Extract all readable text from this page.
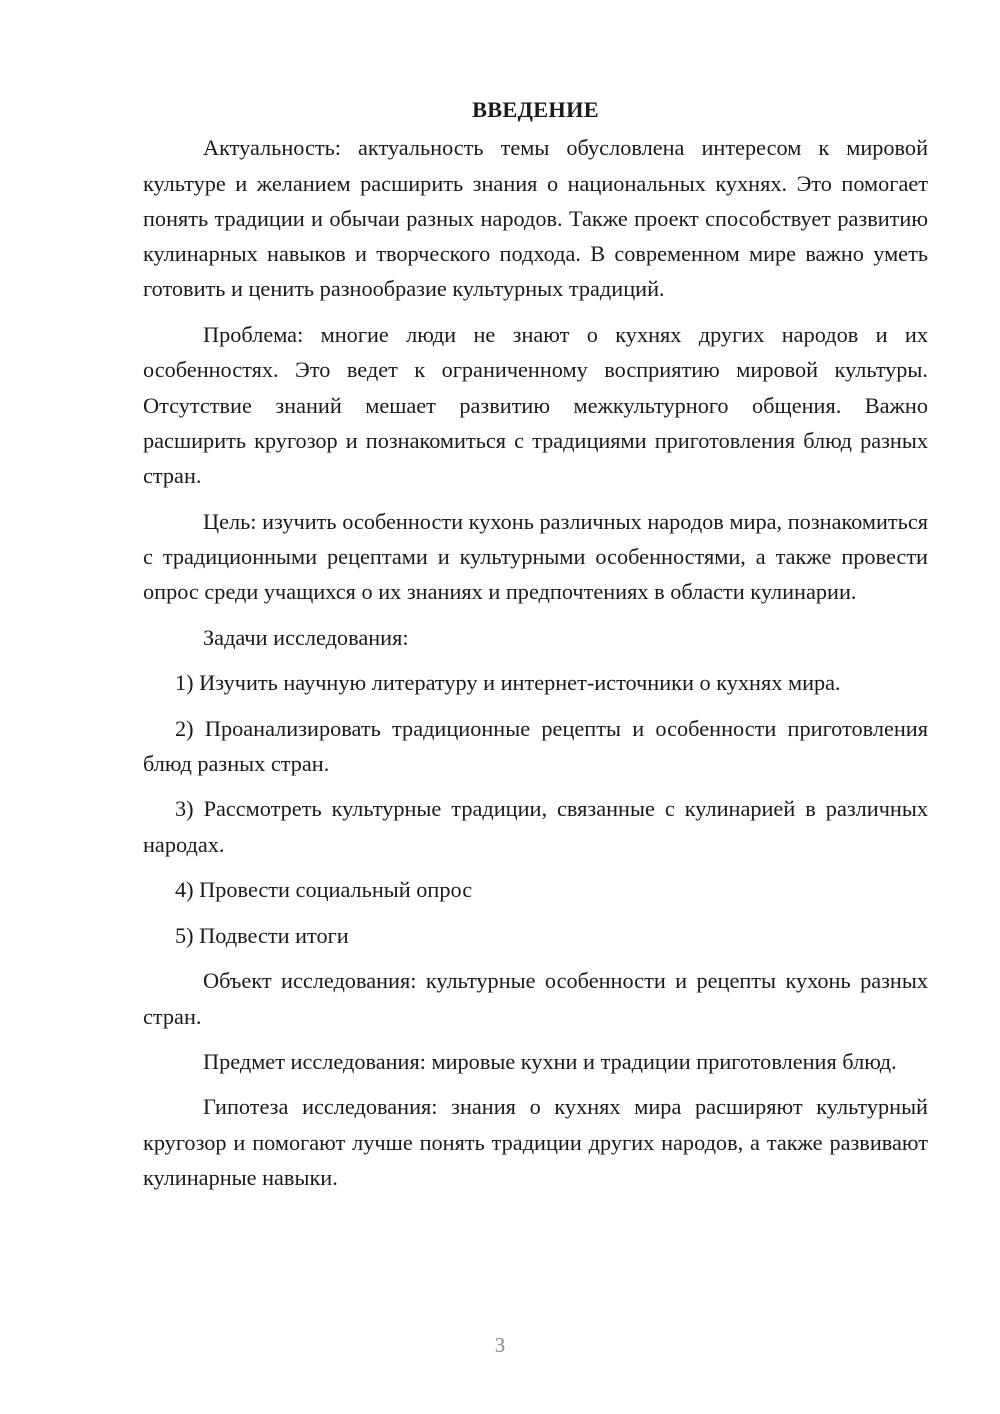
ВВЕДЕНИЕ

Актуальность: актуальность темы обусловлена интересом к мировой культуре и желанием расширить знания о национальных кухнях. Это помогает понять традиции и обычаи разных народов. Также проект способствует развитию кулинарных навыков и творческого подхода. В современном мире важно уметь готовить и ценить разнообразие культурных традиций.

Проблема: многие люди не знают о кухнях других народов и их особенностях. Это ведет к ограниченному восприятию мировой культуры. Отсутствие знаний мешает развитию межкультурного общения. Важно расширить кругозор и познакомиться с традициями приготовления блюд разных стран.

Цель: изучить особенности кухонь различных народов мира, познакомиться с традиционными рецептами и культурными особенностями, а также провести опрос среди учащихся о их знаниях и предпочтениях в области кулинарии.

Задачи исследования:

1) Изучить научную литературу и интернет-источники о кухнях мира.

2) Проанализировать традиционные рецепты и особенности приготовления блюд разных стран.

3) Рассмотреть культурные традиции, связанные с кулинарией в различных народах.

4) Провести социальный опрос

5) Подвести итоги

Объект исследования: культурные особенности и рецепты кухонь разных стран.

Предмет исследования: мировые кухни и традиции приготовления блюд.

Гипотеза исследования: знания о кухнях мира расширяют культурный кругозор и помогают лучше понять традиции других народов, а также развивают кулинарные навыки.

3
